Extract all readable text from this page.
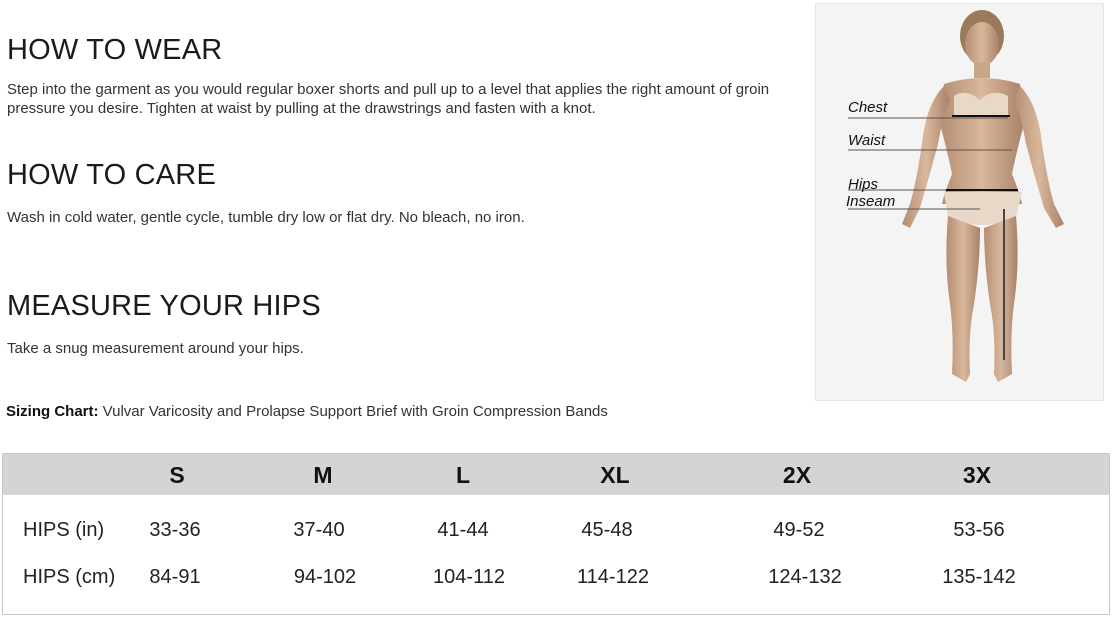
HOW TO WEAR

Step into the garment as you would regular boxer shorts and pull up to a level that applies the right amount of groin pressure you desire. Tighten at waist by pulling at the drawstrings and fasten with a knot.

HOW TO CARE

Wash in cold water, gentle cycle, tumble dry low or flat dry. No bleach, no iron.

MEASURE YOUR HIPS

Take a snug measurement around your hips.

Sizing Chart: Vulvar Varicosity and Prolapse Support Brief with Groin Compression Bands
Chest
Waist
Hips
Inseam
S	M	L	XL	2X	3X
HIPS (in) 33-36	37-40	41-44	45-48	49-52	53-56
HIPS (cm) 84-91	94-102	104-112	114-122	124-132	135-142
